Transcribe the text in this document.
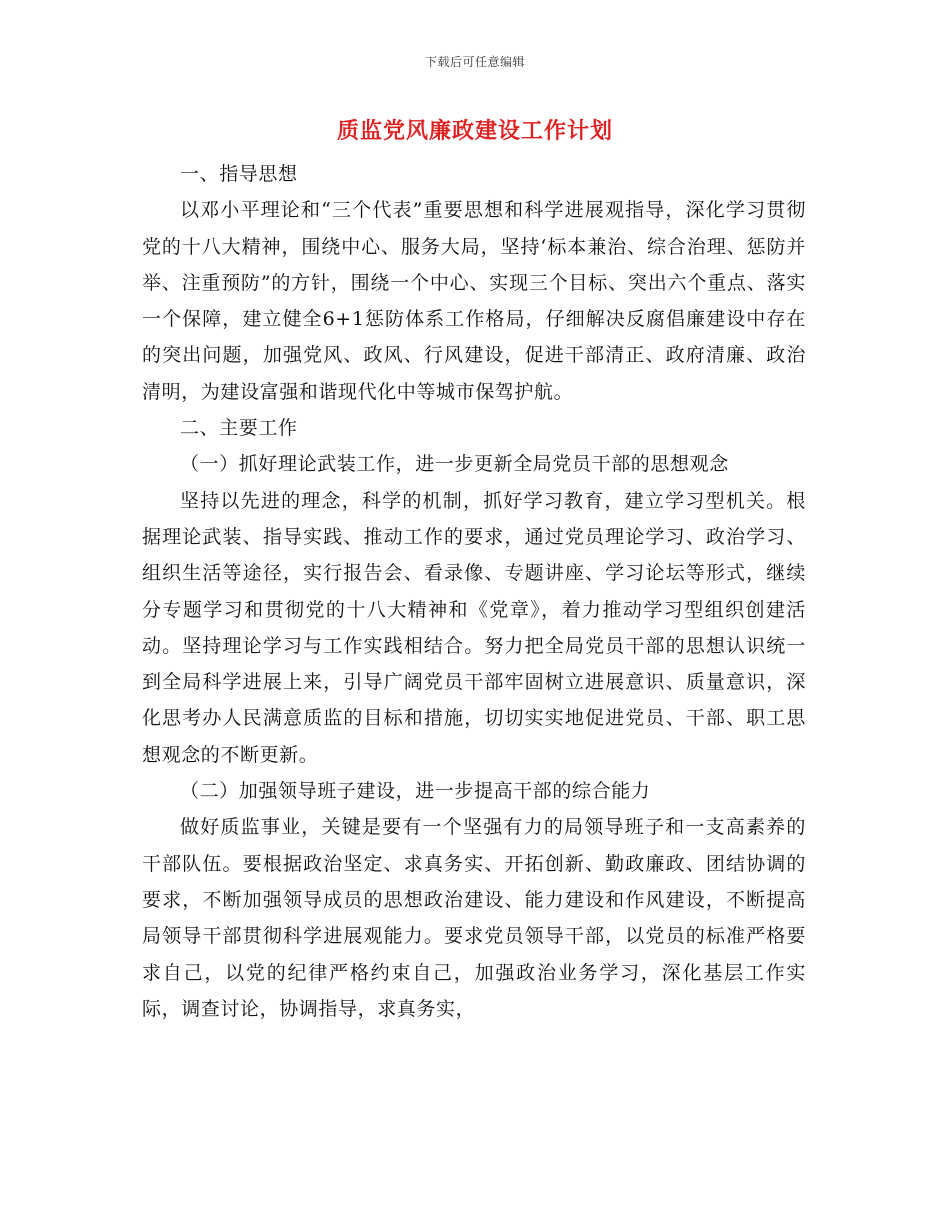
下载后可任意编辑
质监党风廉政建设工作计划

一、指导思想

以邓小平理论和“三个代表”重要思想和科学进展观指导，深化学习贯彻党的十八大精神，围绕中心、服务大局，坚持‘标本兼治、综合治理、惩防并举、注重预防”的方针，围绕一个中心、实现三个目标、突出六个重点、落实一个保障，建立健全6+1惩防体系工作格局，仔细解决反腐倡廉建设中存在的突出问题，加强党风、政风、行风建设，促进干部清正、政府清廉、政治清明，为建设富强和谐现代化中等城市保驾护航。

二、主要工作

（一）抓好理论武装工作，进一步更新全局党员干部的思想观念

坚持以先进的理念，科学的机制，抓好学习教育，建立学习型机关。根据理论武装、指导实践、推动工作的要求，通过党员理论学习、政治学习、组织生活等途径，实行报告会、看录像、专题讲座、学习论坛等形式，继续分专题学习和贯彻党的十八大精神和《党章》，着力推动学习型组织创建活动。坚持理论学习与工作实践相结合。努力把全局党员干部的思想认识统一到全局科学进展上来，引导广阔党员干部牢固树立进展意识、质量意识，深化思考办人民满意质监的目标和措施，切切实实地促进党员、干部、职工思想观念的不断更新。

（二）加强领导班子建设，进一步提高干部的综合能力

做好质监事业，关键是要有一个坚强有力的局领导班子和一支高素养的干部队伍。要根据政治坚定、求真务实、开拓创新、勤政廉政、团结协调的要求，不断加强领导成员的思想政治建设、能力建设和作风建设，不断提高局领导干部贯彻科学进展观能力。要求党员领导干部，以党员的标准严格要求自己，以党的纪律严格约束自己，加强政治业务学习，深化基层工作实际，调查讨论，协调指导，求真务实，
